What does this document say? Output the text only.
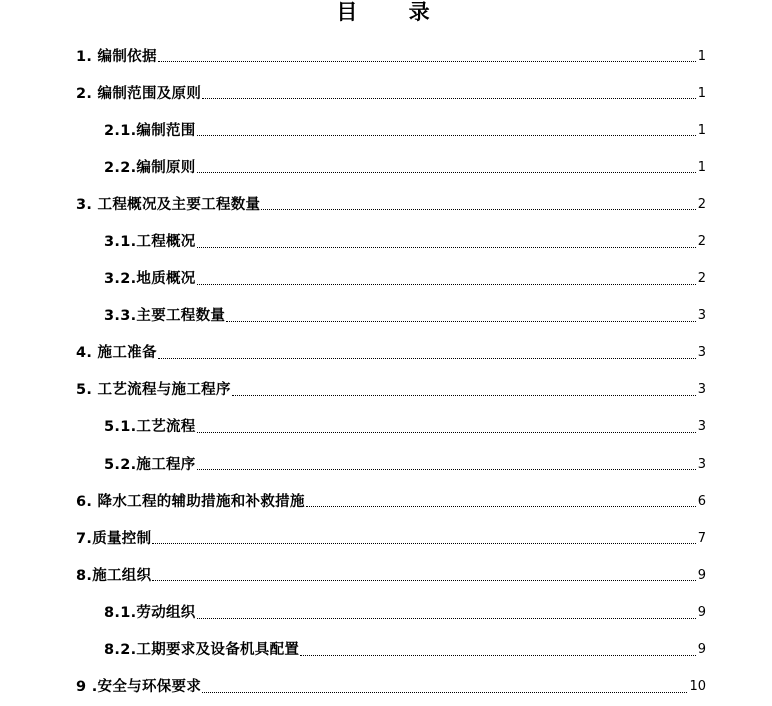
目 录
1. 编制依据	1
2. 编制范围及原则	1
2.1.编制范围	1
2.2.编制原则	1
3. 工程概况及主要工程数量	2
3.1.工程概况	2
3.2.地质概况	2
3.3.主要工程数量	3
4. 施工准备	3
5. 工艺流程与施工程序	3
5.1.工艺流程	3
5.2.施工程序	3
6. 降水工程的辅助措施和补救措施	6
7.质量控制	7
8.施工组织	9
8.1.劳动组织	9
8.2.工期要求及设备机具配置	9
9 .安全与环保要求	10
